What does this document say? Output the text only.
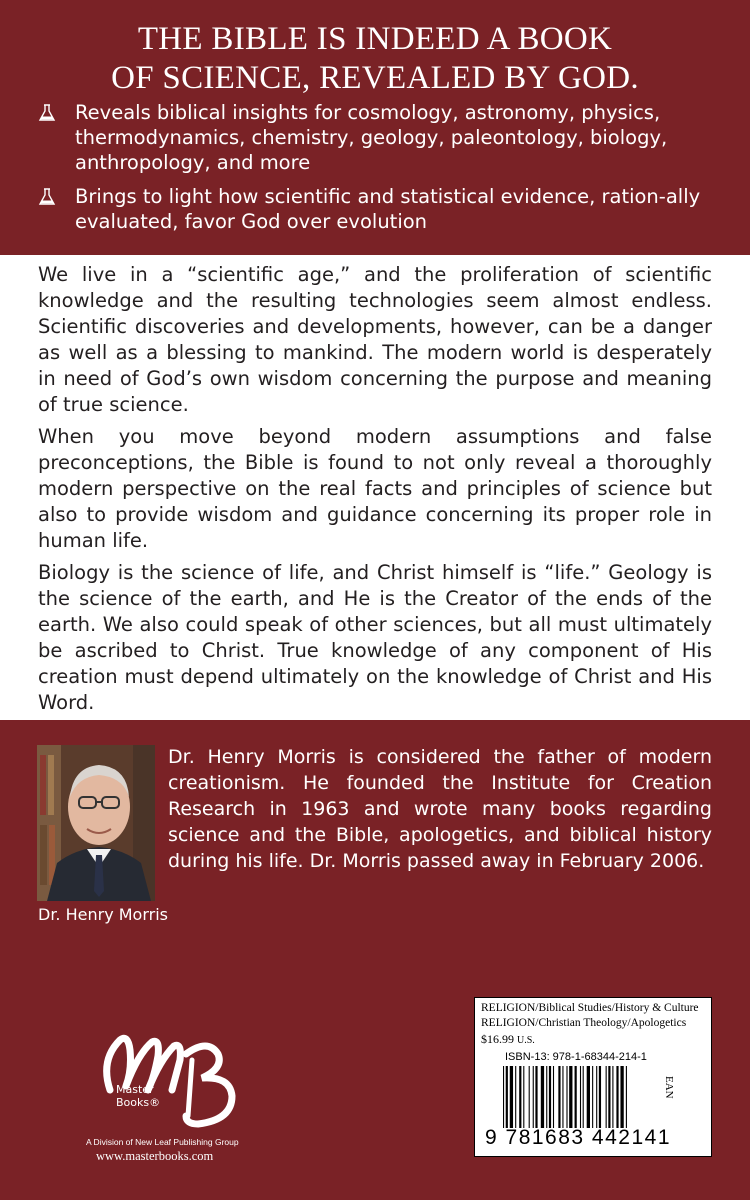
THE BIBLE IS INDEED A BOOK
OF SCIENCE, REVEALED BY GOD.
Reveals biblical insights for cosmology, astronomy, physics, thermodynamics, chemistry, geology, paleontology, biology, anthropology, and more
Brings to light how scientific and statistical evidence, ration-ally evaluated, favor God over evolution
We live in a “scientific age,” and the proliferation of scientific knowledge and the resulting technologies seem almost endless. Scientific discoveries and developments, however, can be a danger as well as a blessing to mankind. The modern world is desperately in need of God’s own wisdom concerning the purpose and meaning of true science.
When you move beyond modern assumptions and false preconceptions, the Bible is found to not only reveal a thoroughly modern perspective on the real facts and principles of science but also to provide wisdom and guidance concerning its proper role in human life.
Biology is the science of life, and Christ himself is “life.” Geology is the science of the earth, and He is the Creator of the ends of the earth. We also could speak of other sciences, but all must ultimately be ascribed to Christ. True knowledge of any component of His creation must depend ultimately on the knowledge of Christ and His Word.
Dr. Henry Morris
Dr. Henry Morris is considered the father of modern creationism. He founded the Institute for Creation Research in 1963 and wrote many books regarding science and the Bible, apologetics, and biblical history during his life. Dr. Morris passed away in February 2006.
Master
Books®
A Division of New Leaf Publishing Group
www.masterbooks.com
RELIGION/Biblical Studies/History & Culture
RELIGION/Christian Theology/Apologetics
$16.99 U.S.
ISBN-13: 978-1-68344-214-1
EAN
9 781683 442141
